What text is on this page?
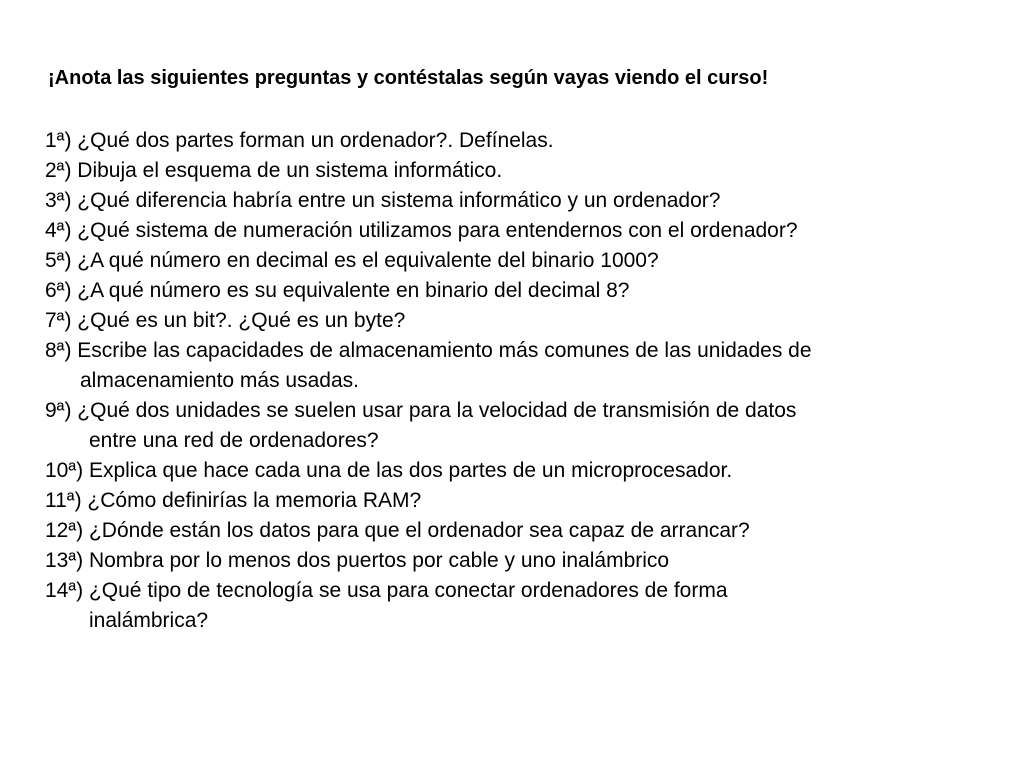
¡Anota las siguientes preguntas y contéstalas según vayas viendo el curso!
1ª) ¿Qué dos partes forman un ordenador?. Defínelas.
2ª) Dibuja el esquema de un sistema informático.
3ª) ¿Qué diferencia habría entre un sistema informático y un ordenador?
4ª) ¿Qué sistema de numeración utilizamos para entendernos con el ordenador?
5ª) ¿A qué número en decimal es el equivalente del binario 1000?
6ª) ¿A qué número es su equivalente en binario del decimal 8?
7ª) ¿Qué es un bit?. ¿Qué es un byte?
8ª) Escribe las capacidades de almacenamiento más comunes de las unidades de
almacenamiento más usadas.
9ª) ¿Qué dos unidades se suelen usar para la velocidad de transmisión de datos
entre una red de ordenadores?
10ª) Explica que hace cada una de las dos partes de un microprocesador.
11ª) ¿Cómo definirías la memoria RAM?
12ª) ¿Dónde están los datos para que el ordenador sea capaz de arrancar?
13ª) Nombra por lo menos dos puertos por cable y uno inalámbrico
14ª) ¿Qué tipo de tecnología se usa para conectar ordenadores de forma
inalámbrica?
